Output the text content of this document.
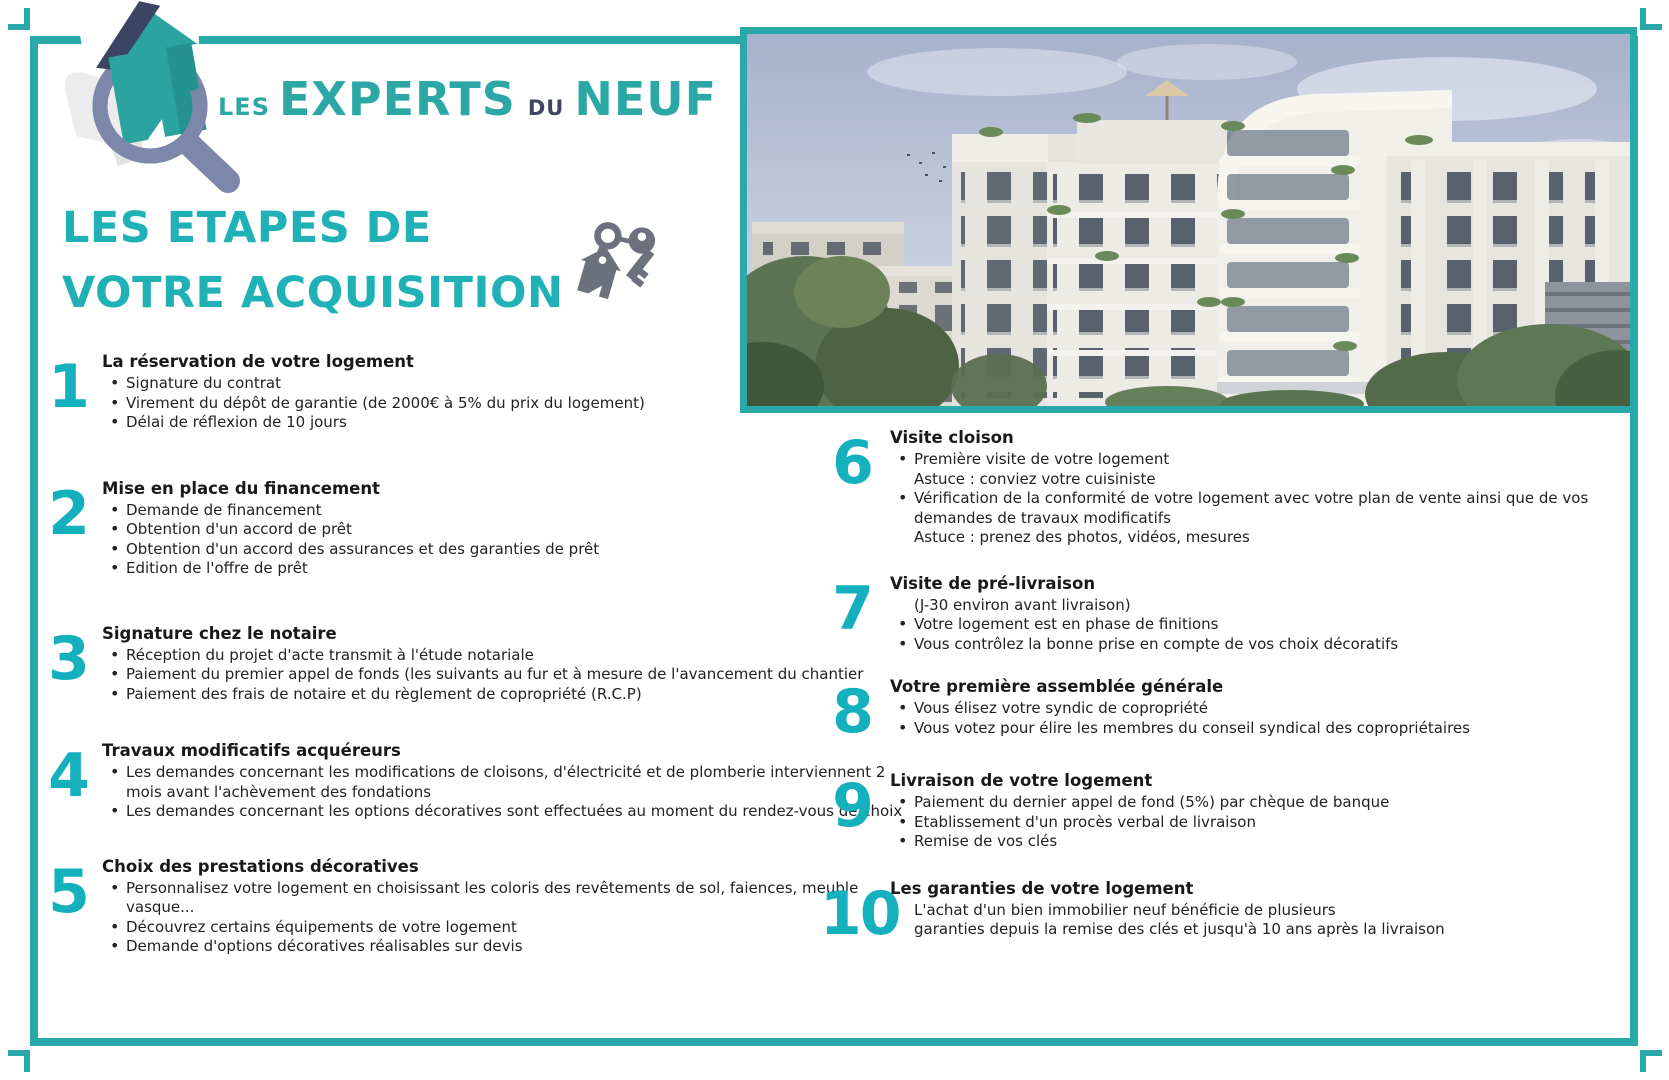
LES EXPERTS DU NEUF
LES ETAPES DE
VOTRE ACQUISITION
1 La réservation de votre logement
• Signature du contrat
• Virement du dépôt de garantie (de 2000€ à 5% du prix du logement)
• Délai de réflexion de 10 jours
2 Mise en place du financement
• Demande de financement
• Obtention d'un accord de prêt
• Obtention d'un accord des assurances et des garanties de prêt
• Edition de l'offre de prêt
3 Signature chez le notaire
• Réception du projet d'acte transmit à l'étude notariale
• Paiement du premier appel de fonds (les suivants au fur et à mesure de l'avancement du chantier
• Paiement des frais de notaire et du règlement de copropriété (R.C.P)
4 Travaux modificatifs acquéreurs
• Les demandes concernant les modifications de cloisons, d'électricité et de plomberie interviennent 2
mois avant l'achèvement des fondations
• Les demandes concernant les options décoratives sont effectuées au moment du rendez-vous de choix
5 Choix des prestations décoratives
• Personnalisez votre logement en choisissant les coloris des revêtements de sol, faiences, meuble
vasque...
• Découvrez certains équipements de votre logement
• Demande d'options décoratives réalisables sur devis
6	Visite cloison
• Première visite de votre logement
Astuce : conviez votre cuisiniste
• Vérification de la conformité de votre logement avec votre plan de vente ainsi que de vos
demandes de travaux modificatifs
Astuce : prenez des photos, vidéos, mesures
7	Visite de pré-livraison
(J-30 environ avant livraison)
• Votre logement est en phase de finitions
• Vous contrôlez la bonne prise en compte de vos choix décoratifs
8	Votre première assemblée générale
• Vous élisez votre syndic de copropriété
• Vous votez pour élire les membres du conseil syndical des copropriétaires
9	Livraison de votre logement
• Paiement du dernier appel de fond (5%) par chèque de banque
• Etablissement d'un procès verbal de livraison
• Remise de vos clés
10
Les garanties de votre logement
L'achat d'un bien immobilier neuf bénéficie de plusieurs
garanties depuis la remise des clés et jusqu'à 10 ans après la livraison
